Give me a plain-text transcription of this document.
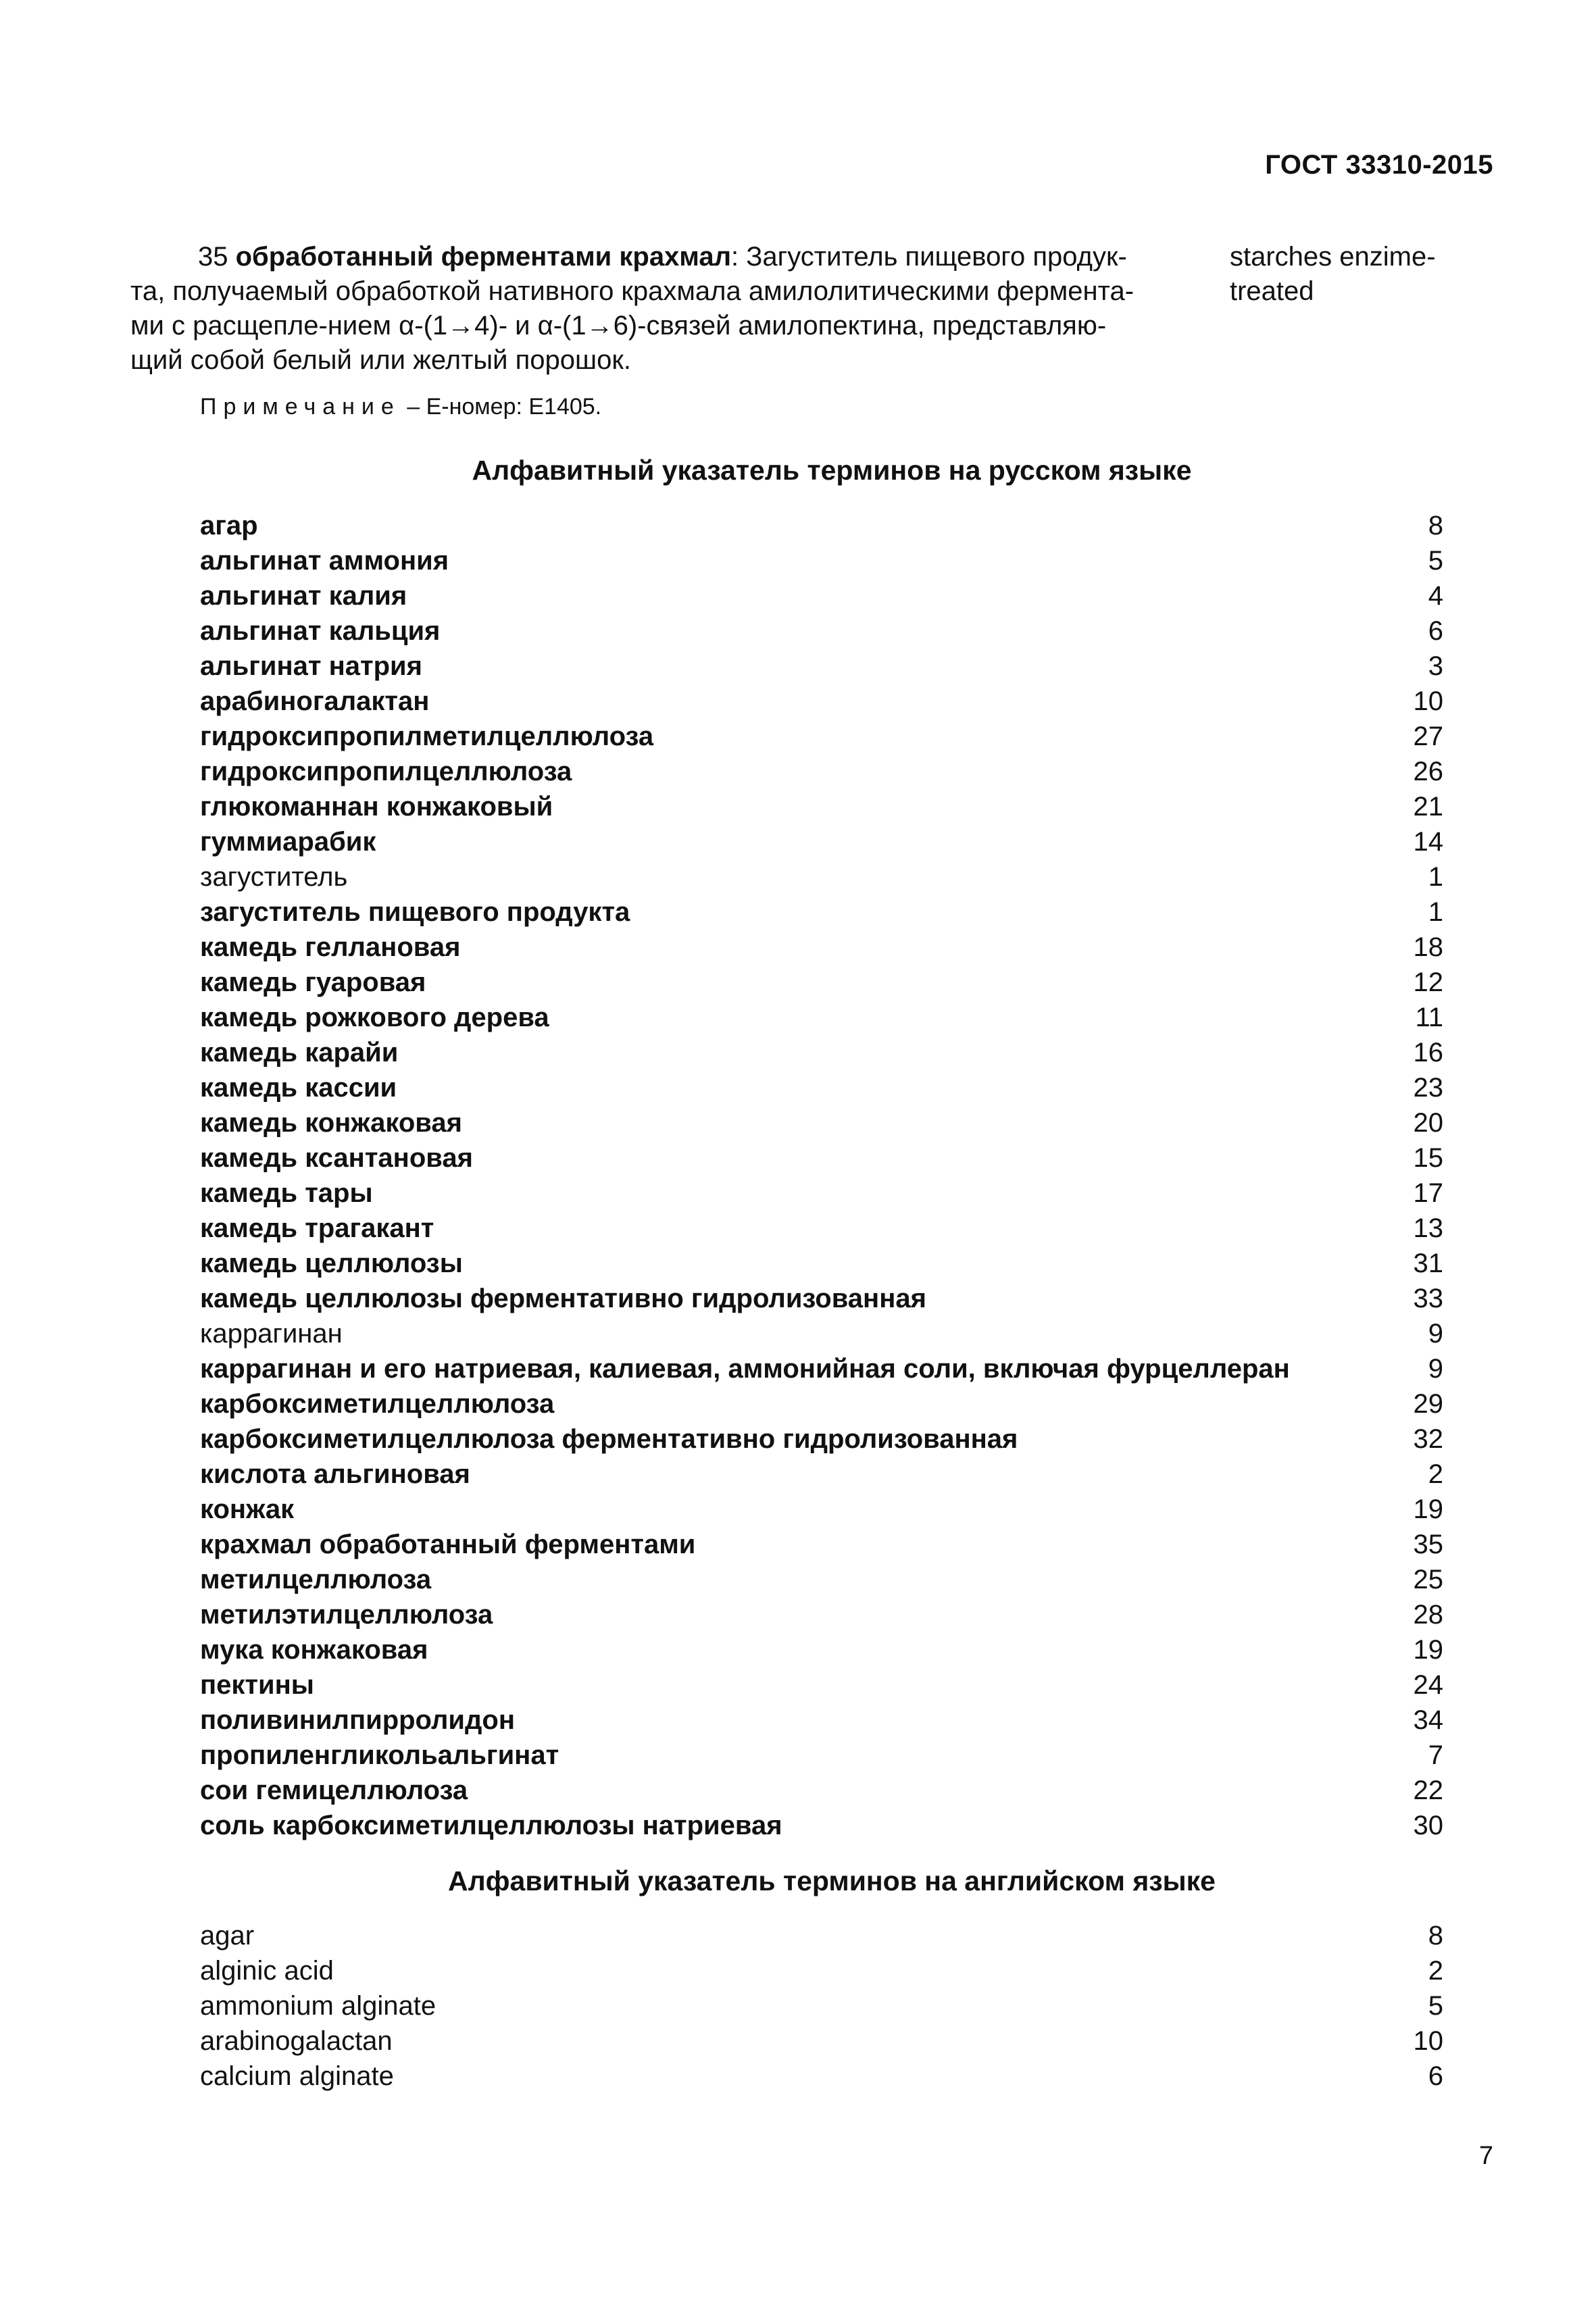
ГОСТ 33310-2015
35 обработанный ферментами крахмал: Загуститель пищевого продук-
та, получаемый обработкой нативного крахмала амилолитическими фермента-
ми с расщепле-нием α-(1→4)- и α-(1→6)-связей амилопектина, представляю-
щий собой белый или желтый порошок.
starches enzime-
treated
Примечание – Е-номер: Е1405.
Алфавитный указатель терминов на русском языке
агар	8
альгинат аммония	5
альгинат калия	4
альгинат кальция	6
альгинат натрия	3
арабиногалактан	10
гидроксипропилметилцеллюлоза	27
гидроксипропилцеллюлоза	26
глюкоманнан конжаковый	21
гуммиарабик	14
загуститель	1
загуститель пищевого продукта	1
камедь геллановая	18
камедь гуаровая	12
камедь рожкового дерева	11
камедь карайи	16
камедь кассии	23
камедь конжаковая	20
камедь ксантановая	15
камедь тары	17
камедь трагакант	13
камедь целлюлозы	31
камедь целлюлозы ферментативно гидролизованная	33
каррагинан	9
каррагинан и его натриевая, калиевая, аммонийная соли, включая фурцеллеран	9
карбоксиметилцеллюлоза	29
карбоксиметилцеллюлоза ферментативно гидролизованная	32
кислота альгиновая	2
конжак	19
крахмал обработанный ферментами	35
метилцеллюлоза	25
метилэтилцеллюлоза	28
мука конжаковая	19
пектины	24
поливинилпирролидон	34
пропиленгликольальгинат	7
сои гемицеллюлоза	22
соль карбоксиметилцеллюлозы натриевая	30
Алфавитный указатель терминов на английском языке
agar	8
alginic acid	2
ammonium alginate	5
arabinogalactan	10
calcium alginate	6
7
